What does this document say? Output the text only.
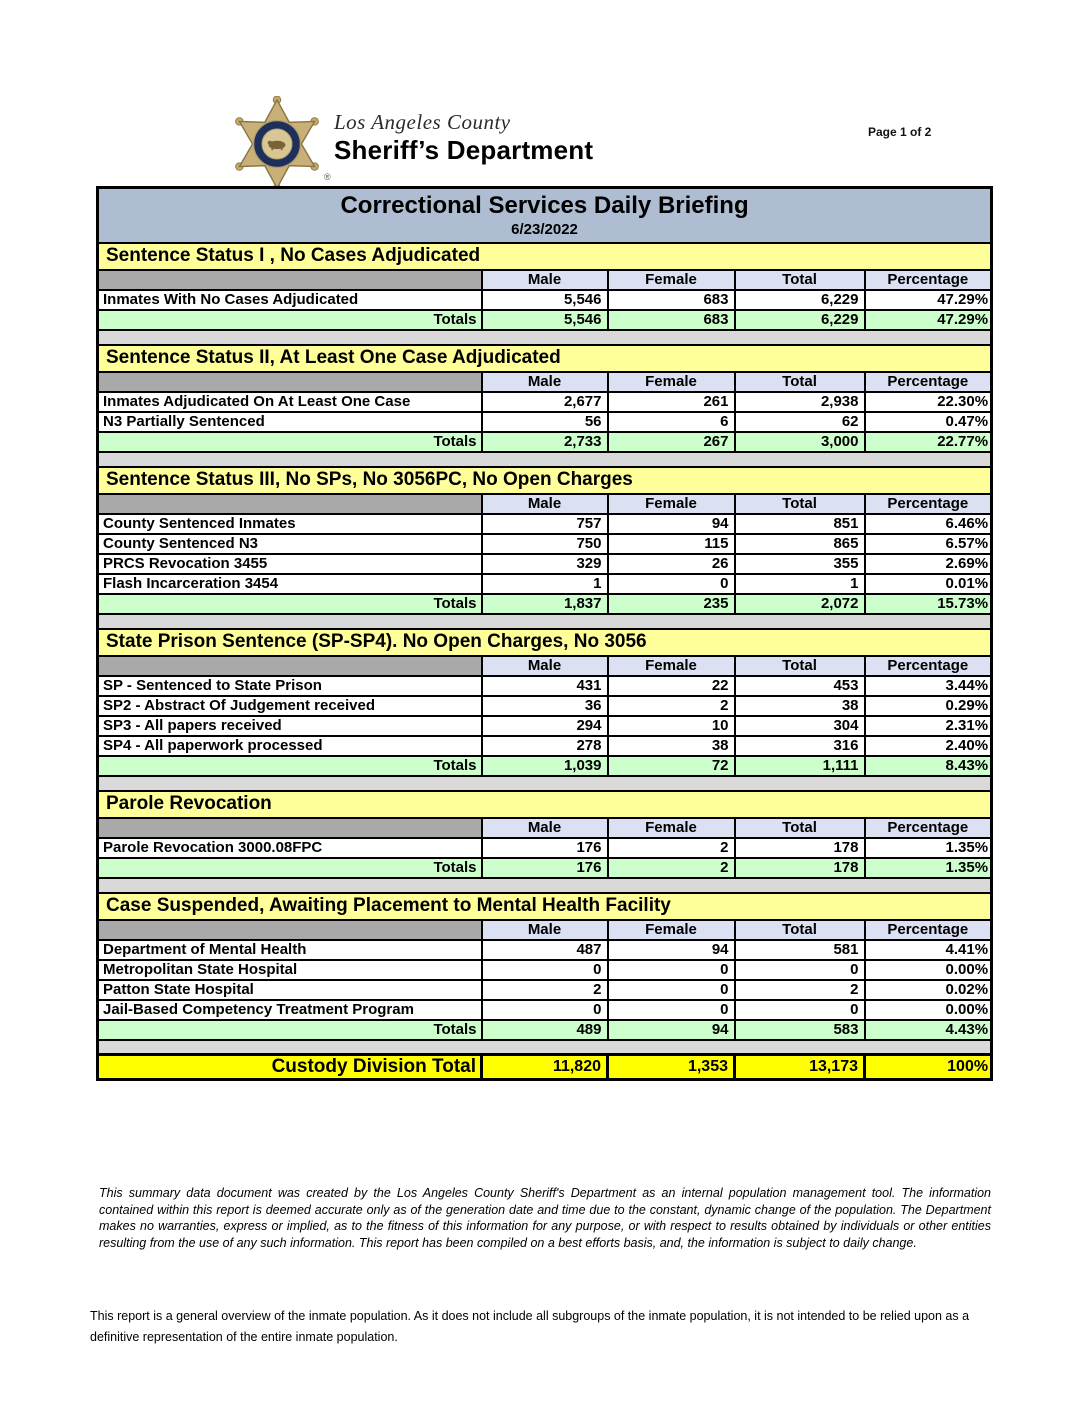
Los Angeles County
Sheriff’s Department
®
Page 1 of 2
Correctional Services Daily Briefing
6/23/2022				

Sentence Status I , No Cases Adjudicated				
	Male	Female	Total	Percentage
Inmates With No Cases Adjudicated	5,546	683	6,229	47.29%
Totals	5,546	683	6,229	47.29%

Sentence Status II, At Least One Case Adjudicated				
	Male	Female	Total	Percentage
Inmates Adjudicated On At Least One Case	2,677	261	2,938	22.30%
N3 Partially Sentenced	56	6	62	0.47%
Totals	2,733	267	3,000	22.77%

Sentence Status III, No SPs, No 3056PC, No Open Charges				
	Male	Female	Total	Percentage
County Sentenced Inmates	757	94	851	6.46%
County Sentenced N3	750	115	865	6.57%
PRCS Revocation 3455	329	26	355	2.69%
Flash Incarceration 3454	1	0	1	0.01%
Totals	1,837	235	2,072	15.73%

State Prison Sentence (SP-SP4). No Open Charges, No 3056				
	Male	Female	Total	Percentage
SP - Sentenced to State Prison	431	22	453	3.44%
SP2 - Abstract Of Judgement received	36	2	38	0.29%
SP3 - All papers received	294	10	304	2.31%
SP4 - All paperwork processed	278	38	316	2.40%
Totals	1,039	72	1,111	8.43%

Parole Revocation				
	Male	Female	Total	Percentage
Parole Revocation 3000.08FPC	176	2	178	1.35%
Totals	176	2	178	1.35%

Case Suspended, Awaiting Placement to Mental Health Facility				
	Male	Female	Total	Percentage
Department of Mental Health	487	94	581	4.41%
Metropolitan State Hospital	0	0	0	0.00%
Patton State Hospital	2	0	2	0.02%
Jail-Based Competency Treatment Program	0	0	0	0.00%
Totals	489	94	583	4.43%

Custody Division Total	11,820	1,353	13,173	100%
This summary data document was created by the Los Angeles County Sheriff's Department as an internal population management tool. The information contained within this report is deemed accurate only as of the generation date and time due to the constant, dynamic change of the population. The Department makes no warranties, express or implied, as to the fitness of this information for any purpose, or with respect to results obtained by individuals or other entities resulting from the use of any such information. This report has been compiled on a best efforts basis, and, the information is subject to daily change.
This report is a general overview of the inmate population. As it does not include all subgroups of the inmate population, it is not intended to be relied upon as a definitive representation of the entire inmate population.
